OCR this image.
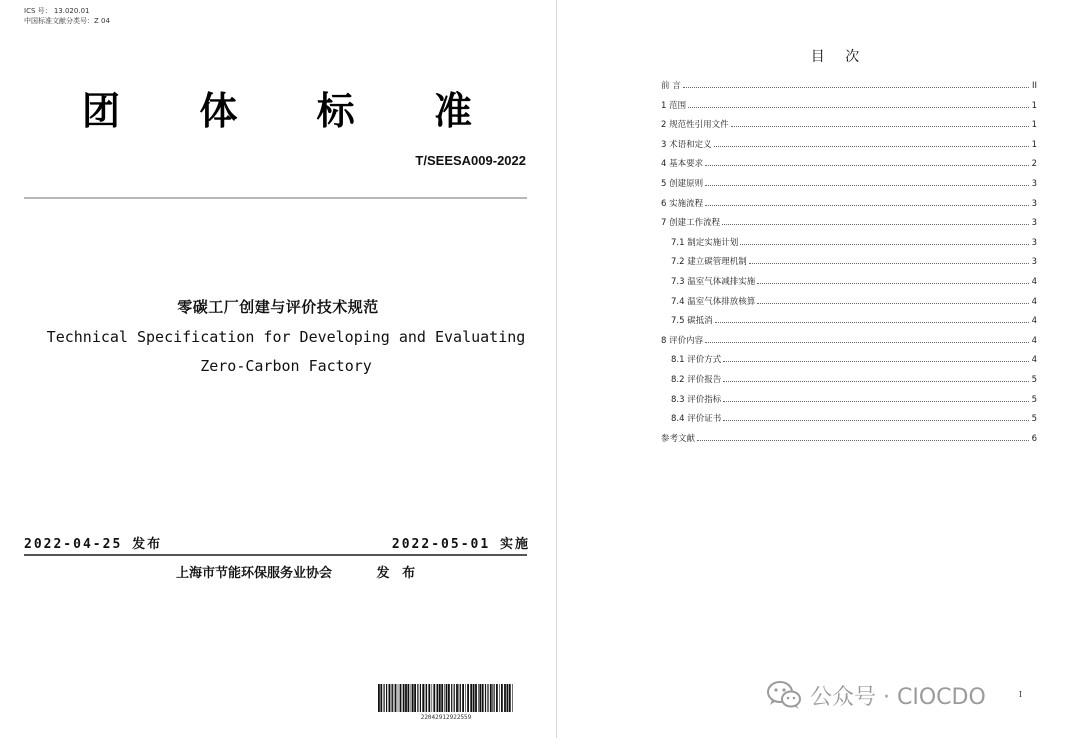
ICS 号： 13.020.01
中国标准文献分类号：Z 04
团 体 标 准
T/SEESA009-2022
零碳工厂创建与评价技术规范
Technical Specification for Developing and Evaluating
Zero-Carbon Factory
2022-04-25 发布	2022-05-01 实施
上海市节能环保服务业协会	发 布
22042912922559
目 次
前 言	II
1 范围	1
2 规范性引用文件	1
3 术语和定义	1
4 基本要求	2
5 创建原则	3
6 实施流程	3
7 创建工作流程	3
7.1 制定实施计划	3
7.2 建立碳管理机制	3
7.3 温室气体减排实施	4
7.4 温室气体排放核算	4
7.5 碳抵消	4
8 评价内容	4
8.1 评价方式	4
8.2 评价报告	5
8.3 评价指标	5
8.4 评价证书	5
参考文献	6
I
公众号 · CIOCDO
